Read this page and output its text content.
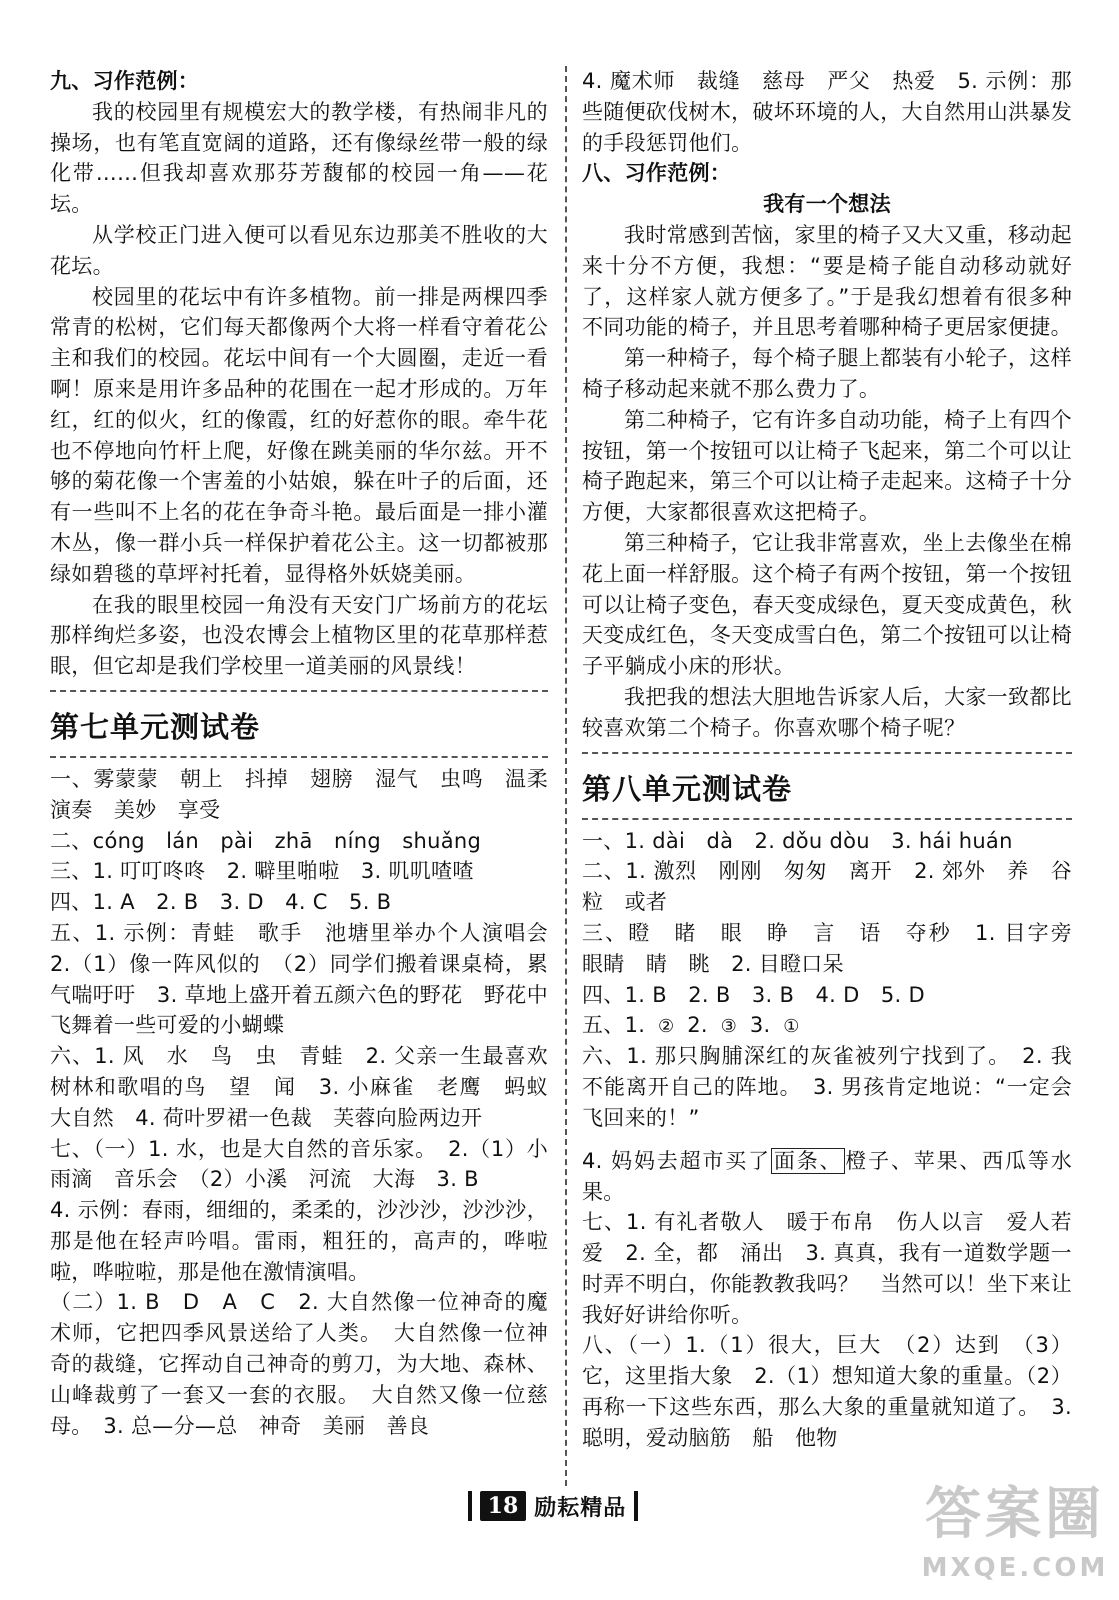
九、习作范例：

我的校园里有规模宏大的教学楼，有热闹非凡的操场，也有笔直宽阔的道路，还有像绿丝带一般的绿化带……但我却喜欢那芬芳馥郁的校园一角——花坛。

从学校正门进入便可以看见东边那美不胜收的大花坛。

校园里的花坛中有许多植物。前一排是两棵四季常青的松树，它们每天都像两个大将一样看守着花公主和我们的校园。花坛中间有一个大圆圈，走近一看啊！原来是用许多品种的花围在一起才形成的。万年红，红的似火，红的像霞，红的好惹你的眼。牵牛花也不停地向竹杆上爬，好像在跳美丽的华尔兹。开不够的菊花像一个害羞的小姑娘，躲在叶子的后面，还有一些叫不上名的花在争奇斗艳。最后面是一排小灌木丛，像一群小兵一样保护着花公主。这一切都被那绿如碧毯的草坪衬托着，显得格外妖娆美丽。

在我的眼里校园一角没有天安门广场前方的花坛那样绚烂多姿，也没农博会上植物区里的花草那样惹眼，但它却是我们学校里一道美丽的风景线！

第七单元测试卷

一、雾蒙蒙　朝上　抖掉　翅膀　湿气　虫鸣　温柔　演奏　美妙　享受

二、cóng　lán　pài　zhā　níng　shuǎng

三、1. 叮叮咚咚　2. 噼里啪啦　3. 叽叽喳喳

四、1. A　2. B　3. D　4. C　5. B

五、1. 示例：青蛙　歌手　池塘里举办个人演唱会　2.（1）像一阵风似的　（2）同学们搬着课桌椅，累气喘吁吁　3. 草地上盛开着五颜六色的野花　野花中飞舞着一些可爱的小蝴蝶

六、1. 风　水　鸟　虫　青蛙　2. 父亲一生最喜欢树林和歌唱的鸟　望　闻　3. 小麻雀　老鹰　蚂蚁　大自然　4. 荷叶罗裙一色裁　芙蓉向脸两边开

七、（一）1. 水，也是大自然的音乐家。　2.（1）小雨滴　音乐会　（2）小溪　河流　大海　3. B

4. 示例：春雨，细细的，柔柔的，沙沙沙，沙沙沙，那是他在轻声吟唱。雷雨，粗狂的，高声的，哗啦啦，哗啦啦，那是他在激情演唱。

（二）1. B　D　A　C　2. 大自然像一位神奇的魔术师，它把四季风景送给了人类。　大自然像一位神奇的裁缝，它挥动自己神奇的剪刀，为大地、森林、山峰裁剪了一套又一套的衣服。　大自然又像一位慈母。　3. 总—分—总　神奇　美丽　善良

4. 魔术师　裁缝　慈母　严父　热爱　5. 示例：那些随便砍伐树木，破坏环境的人，大自然用山洪暴发的手段惩罚他们。

八、习作范例：

我有一个想法

我时常感到苦恼，家里的椅子又大又重，移动起来十分不方便，我想：“要是椅子能自动移动就好了，这样家人就方便多了。”于是我幻想着有很多种不同功能的椅子，并且思考着哪种椅子更居家便捷。

第一种椅子，每个椅子腿上都装有小轮子，这样椅子移动起来就不那么费力了。

第二种椅子，它有许多自动功能，椅子上有四个按钮，第一个按钮可以让椅子飞起来，第二个可以让椅子跑起来，第三个可以让椅子走起来。这椅子十分方便，大家都很喜欢这把椅子。

第三种椅子，它让我非常喜欢，坐上去像坐在棉花上面一样舒服。这个椅子有两个按钮，第一个按钮可以让椅子变色，春天变成绿色，夏天变成黄色，秋天变成红色，冬天变成雪白色，第二个按钮可以让椅子平躺成小床的形状。

我把我的想法大胆地告诉家人后，大家一致都比较喜欢第二个椅子。你喜欢哪个椅子呢？

第八单元测试卷

一、1. dài　dà　2. dǒu dòu　3. hái huán

二、1. 激烈　刚刚　匆匆　离开　2. 郊外　养　谷　粒　或者

三、瞪　睹　眼　睁　言　语　夺秒　1. 目字旁　眼睛　睛　眺　2. 目瞪口呆

四、1. B　2. B　3. B　4. D　5. D

五、1. ② 2. ③ 3. ①

六、1. 那只胸脯深红的灰雀被列宁找到了。　2. 我不能离开自己的阵地。　3. 男孩肯定地说：“一定会飞回来的！”

4. 妈妈去超市买了 面条、 橙子、苹果、西瓜等水果。

七、1. 有礼者敬人　暖于布帛　伤人以言　爱人若爱　2. 全，都　涌出　3. 真真，我有一道数学题一时弄不明白，你能教教我吗？　当然可以！坐下来让我好好讲给你听。

八、（一）1.（1）很大，巨大　（2）达到　（3）它，这里指大象　2.（1）想知道大象的重量。（2）再称一下这些东西，那么大象的重量就知道了。　3. 聪明，爱动脑筋　船　他物

18 励耘精品	答案圈
MXQE.COM
